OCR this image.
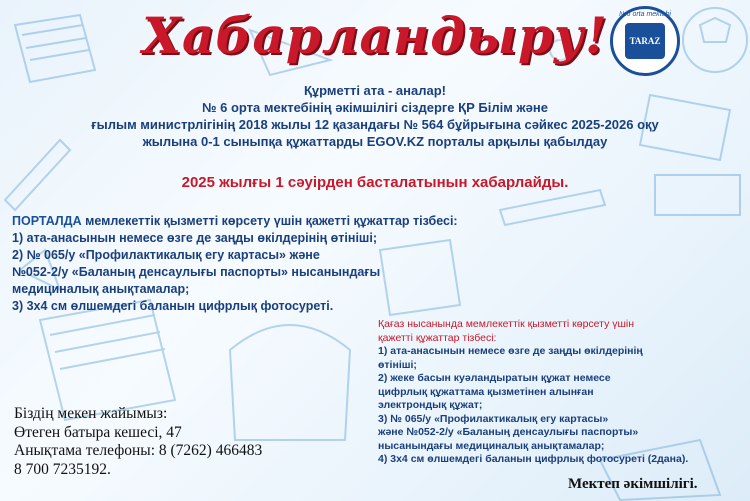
Хабарландыру!	№6 orta mektebi
TARAZ
Құрметті ата - аналар!
№ 6 орта мектебінің әкімшілігі сіздерге ҚР Білім және
ғылым министрлігінің 2018 жылы 12 қазандағы № 564 бұйрығына сәйкес 2025-2026 оқу
жылына 0-1 сыныпқа құжаттарды EGOV.KZ порталы арқылы қабылдау
2025 жылғы 1 сәуірден басталатынын хабарлайды.
ПОРТАЛДА мемлекеттік қызметті көрсету үшін қажетті құжаттар тізбесі:
1) ата-анасынын немесе өзге де заңды өкілдерінің өтініші;
2) № 065/у «Профилактикалық егу картасы» және
№052-2/у «Баланың денсаулығы паспорты» нысанындағы
медициналық анықтамалар;
3) 3х4 см өлшемдегі баланын цифрлық фотосуреті.
Қағаз нысанында мемлекеттік қызметті көрсету үшін
қажетті құжаттар тізбесі:
1) ата-анасынын немесе өзге де заңды өкілдерінің
өтініші;
2) жеке басын куәландыратын құжат немесе
цифрлық құжаттама қызметінен алынған
электрондық құжат;
3) № 065/у «Профилактикалық егу картасы»
және №052-2/у «Баланың денсаулығы паспорты»
нысанындағы медициналық анықтамалар;
4) 3х4 см өлшемдегі баланын цифрлық фотосуреті (2дана).
Біздің мекен жайымыз:
Өтеген батыра кешесі, 47
Анықтама телефоны: 8 (7262) 466483
8 700 7235192.
Мектеп әкімшілігі.
